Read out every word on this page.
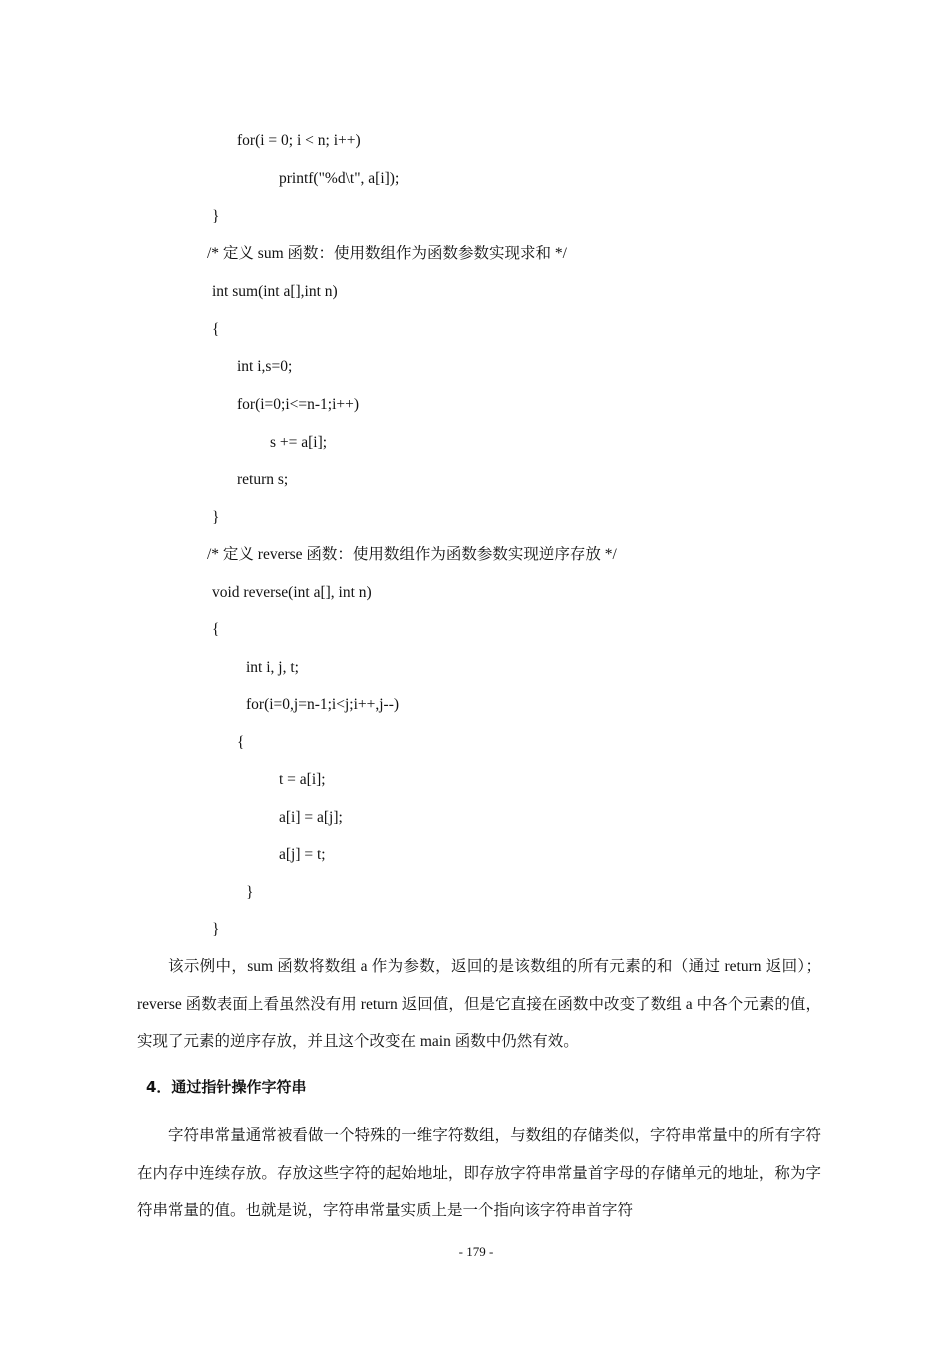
for(i = 0; i < n; i++)
printf("%d\t", a[i]);
}
/* 定义 sum 函数：使用数组作为函数参数实现求和 */
int sum(int a[],int n)
{
int i,s=0;
for(i=0;i<=n-1;i++)
s += a[i];
return s;
}
/* 定义 reverse 函数：使用数组作为函数参数实现逆序存放 */
void reverse(int a[], int n)
{
int i, j, t;
for(i=0,j=n-1;i<j;i++,j--)
{
t = a[i];
a[i] = a[j];
a[j] = t;
}
}
该示例中，sum 函数将数组 a 作为参数，返回的是该数组的所有元素的和（通过 return 返回）；reverse 函数表面上看虽然没有用 return 返回值，但是它直接在函数中改变了数组 a 中各个元素的值，实现了元素的逆序存放，并且这个改变在 main 函数中仍然有效。
4．通过指针操作字符串
字符串常量通常被看做一个特殊的一维字符数组，与数组的存储类似，字符串常量中的所有字符在内存中连续存放。存放这些字符的起始地址，即存放字符串常量首字母的存储单元的地址，称为字符串常量的值。也就是说，字符串常量实质上是一个指向该字符串首字符
- 179 -
